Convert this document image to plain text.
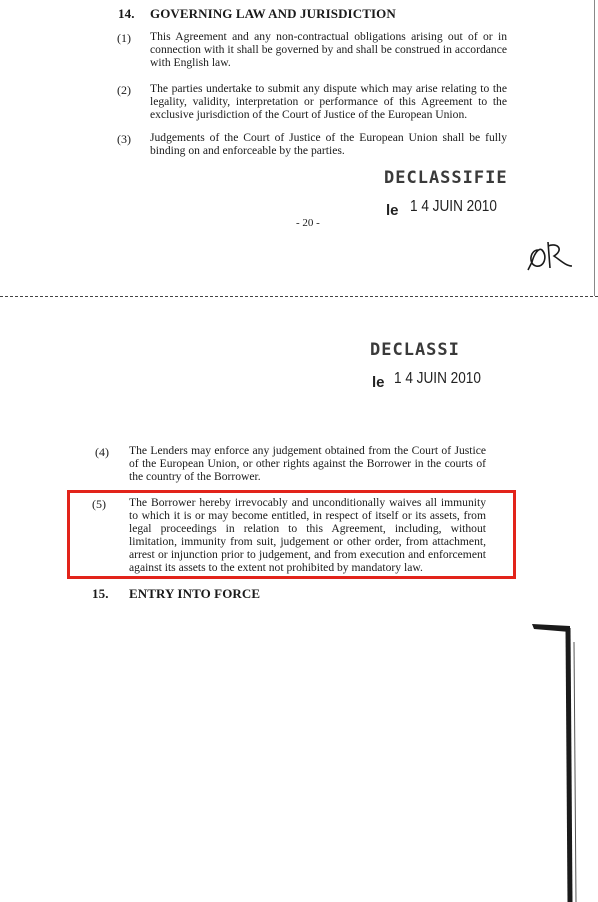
14. GOVERNING LAW AND JURISDICTION
(1) This Agreement and any non-contractual obligations arising out of or in connection with it shall be governed by and shall be construed in accordance with English law.
(2) The parties undertake to submit any dispute which may arise relating to the legality, validity, interpretation or performance of this Agreement to the exclusive jurisdiction of the Court of Justice of the European Union.
(3) Judgements of the Court of Justice of the European Union shall be fully binding on and enforceable by the parties.
DECLASSIFIE
le 1 4 JUIN 2010
- 20 -
DECLASSI
le 1 4 JUIN 2010
(4) The Lenders may enforce any judgement obtained from the Court of Justice of the European Union, or other rights against the Borrower in the courts of the country of the Borrower.
(5) The Borrower hereby irrevocably and unconditionally waives all immunity to which it is or may become entitled, in respect of itself or its assets, from legal proceedings in relation to this Agreement, including, without limitation, immunity from suit, judgement or other order, from attachment, arrest or injunction prior to judgement, and from execution and enforcement against its assets to the extent not prohibited by mandatory law.
15. ENTRY INTO FORCE
